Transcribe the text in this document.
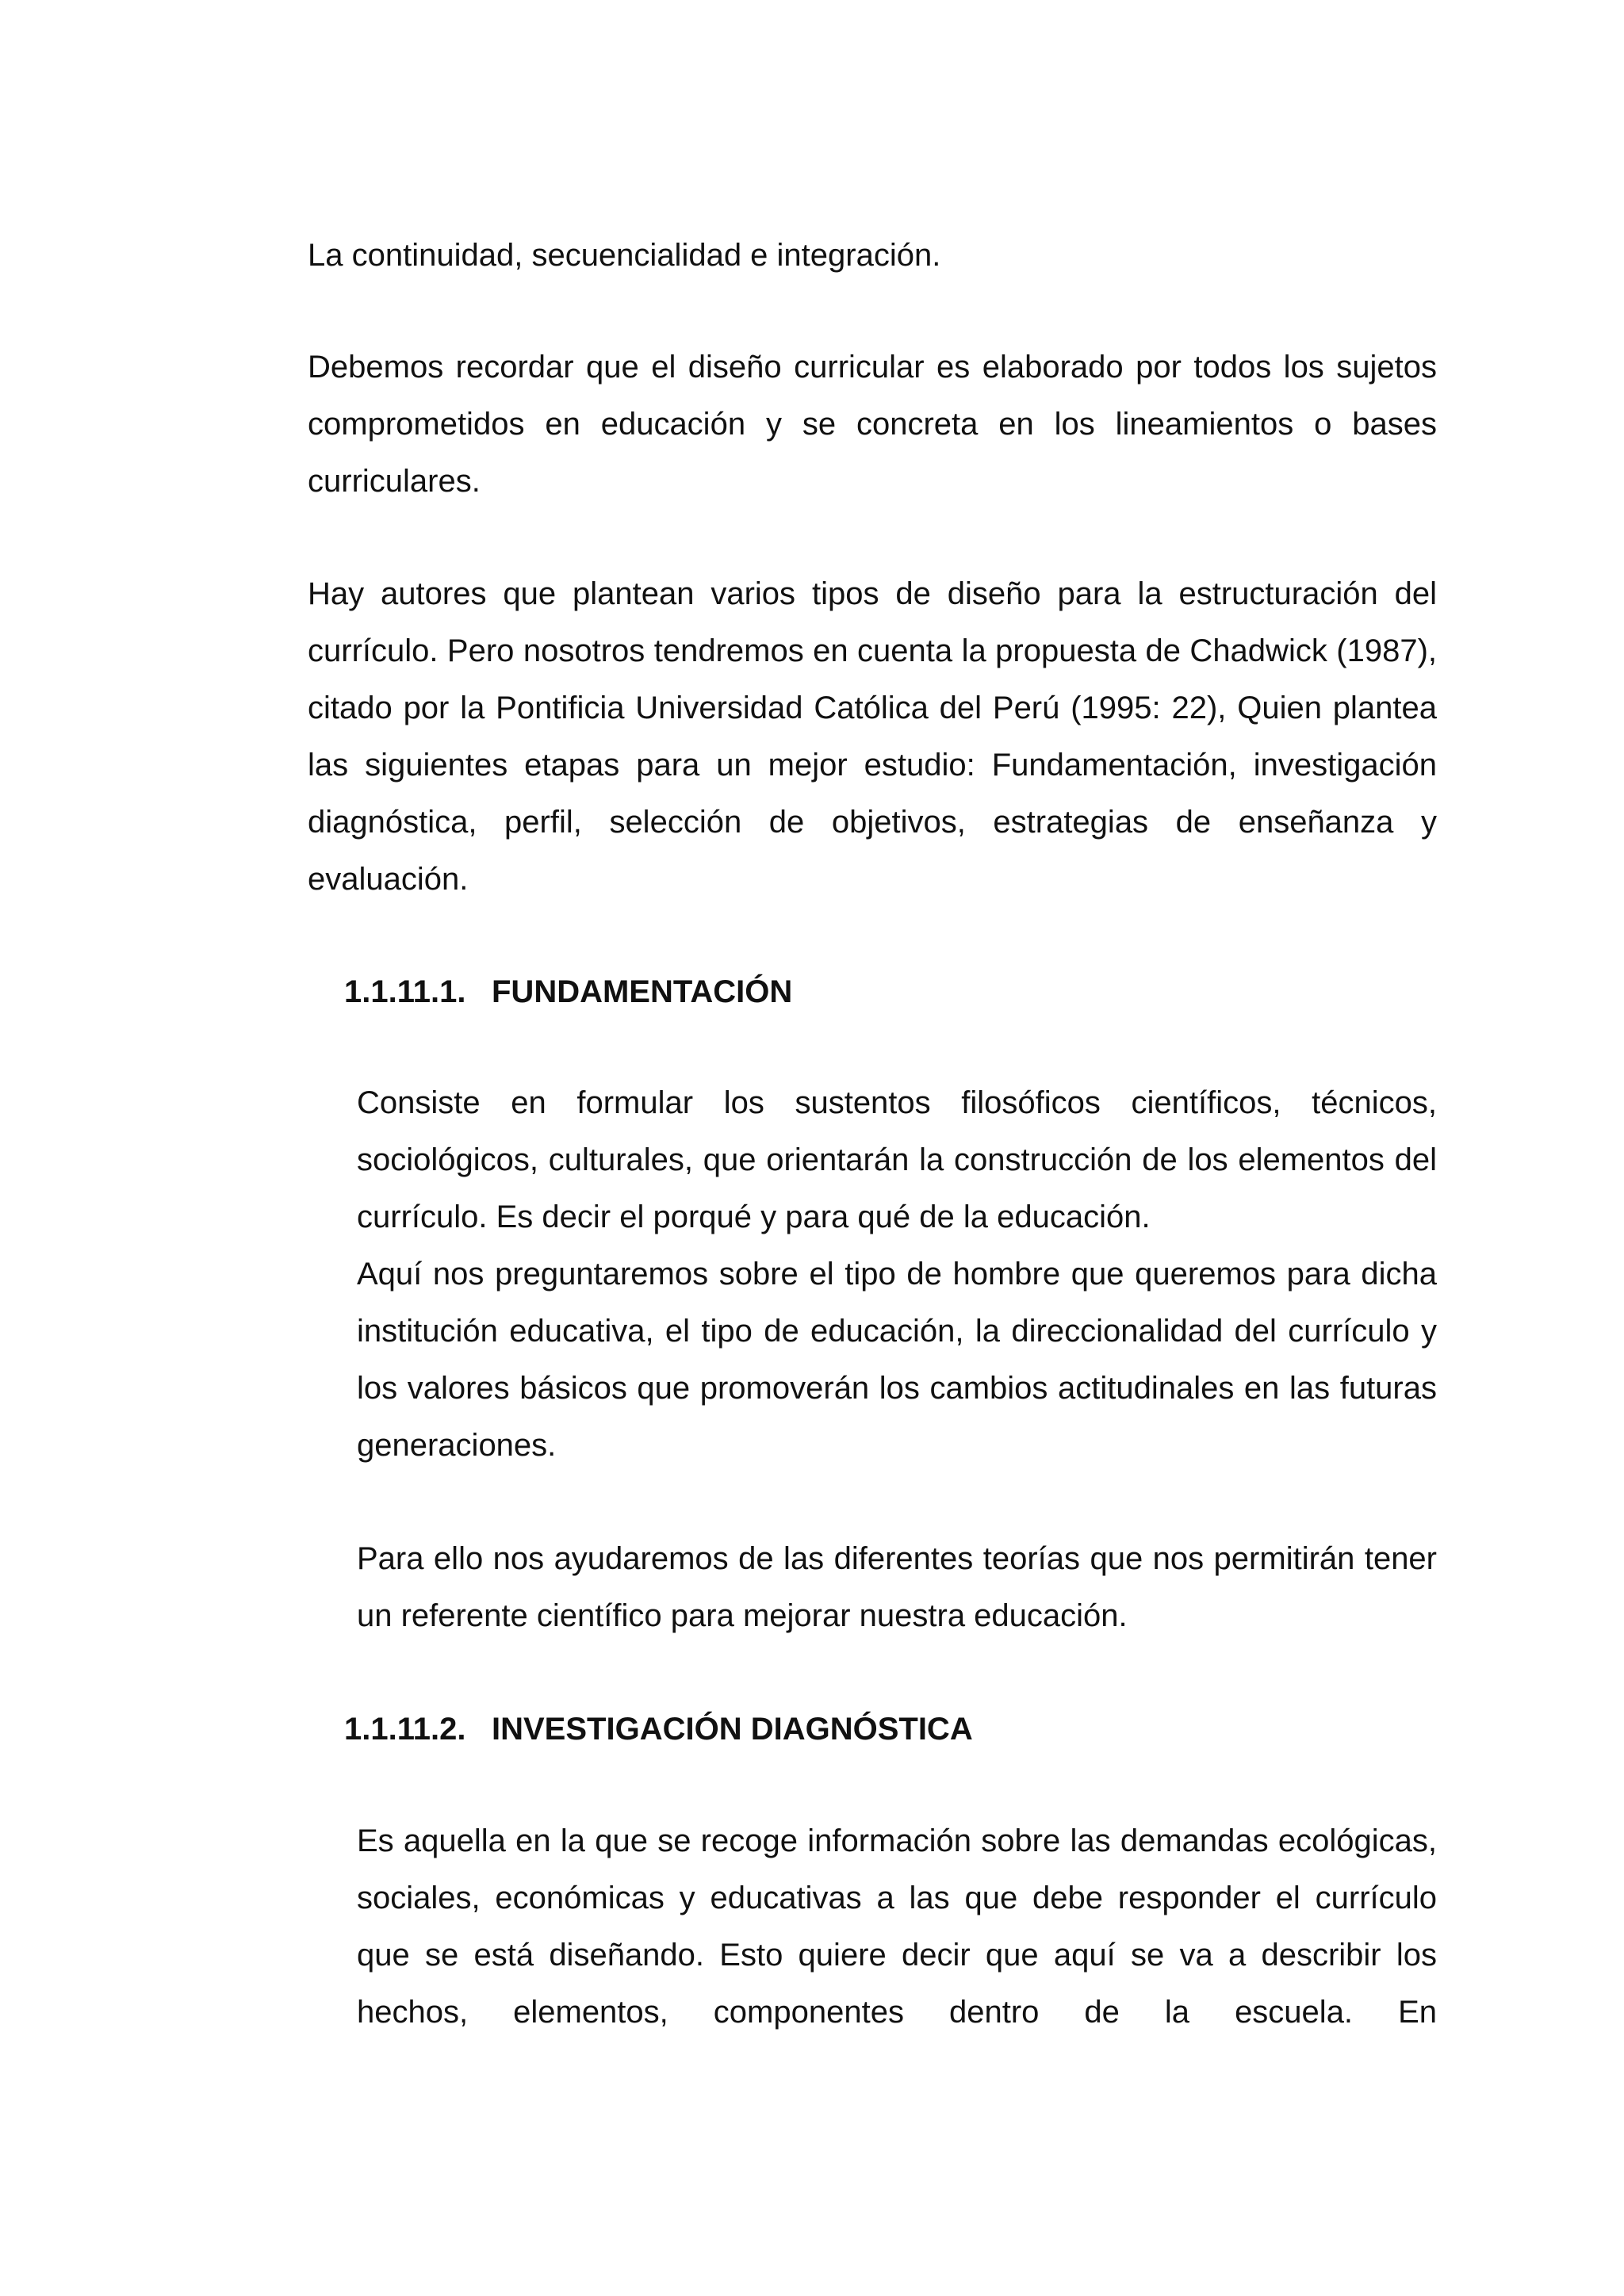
La continuidad, secuencialidad e integración.

Debemos recordar que el diseño curricular es elaborado por todos los sujetos comprometidos en educación y se concreta en los lineamientos o bases curriculares.

Hay autores que plantean varios tipos de diseño para la estructuración del currículo. Pero nosotros tendremos en cuenta la propuesta de Chadwick (1987), citado por la Pontificia Universidad Católica del Perú (1995: 22), Quien plantea las siguientes etapas para un mejor estudio: Fundamentación, investigación diagnóstica, perfil, selección de objetivos, estrategias de enseñanza y evaluación.

1.1.11.1. FUNDAMENTACIÓN

Consiste en formular los sustentos filosóficos científicos, técnicos, sociológicos, culturales, que orientarán la construcción de los elementos del currículo. Es decir el porqué y para qué de la educación.

Aquí nos preguntaremos sobre el tipo de hombre que queremos para dicha institución educativa, el tipo de educación, la direccionalidad del currículo y los valores básicos que promoverán los cambios actitudinales en las futuras generaciones.

Para ello nos ayudaremos de las diferentes teorías que nos permitirán tener un referente científico para mejorar nuestra educación.

1.1.11.2. INVESTIGACIÓN DIAGNÓSTICA

Es aquella en la que se recoge información sobre las demandas ecológicas, sociales, económicas y educativas a las que debe responder el currículo que se está diseñando. Esto quiere decir que aquí se va a describir los hechos, elementos, componentes dentro de la escuela. En
